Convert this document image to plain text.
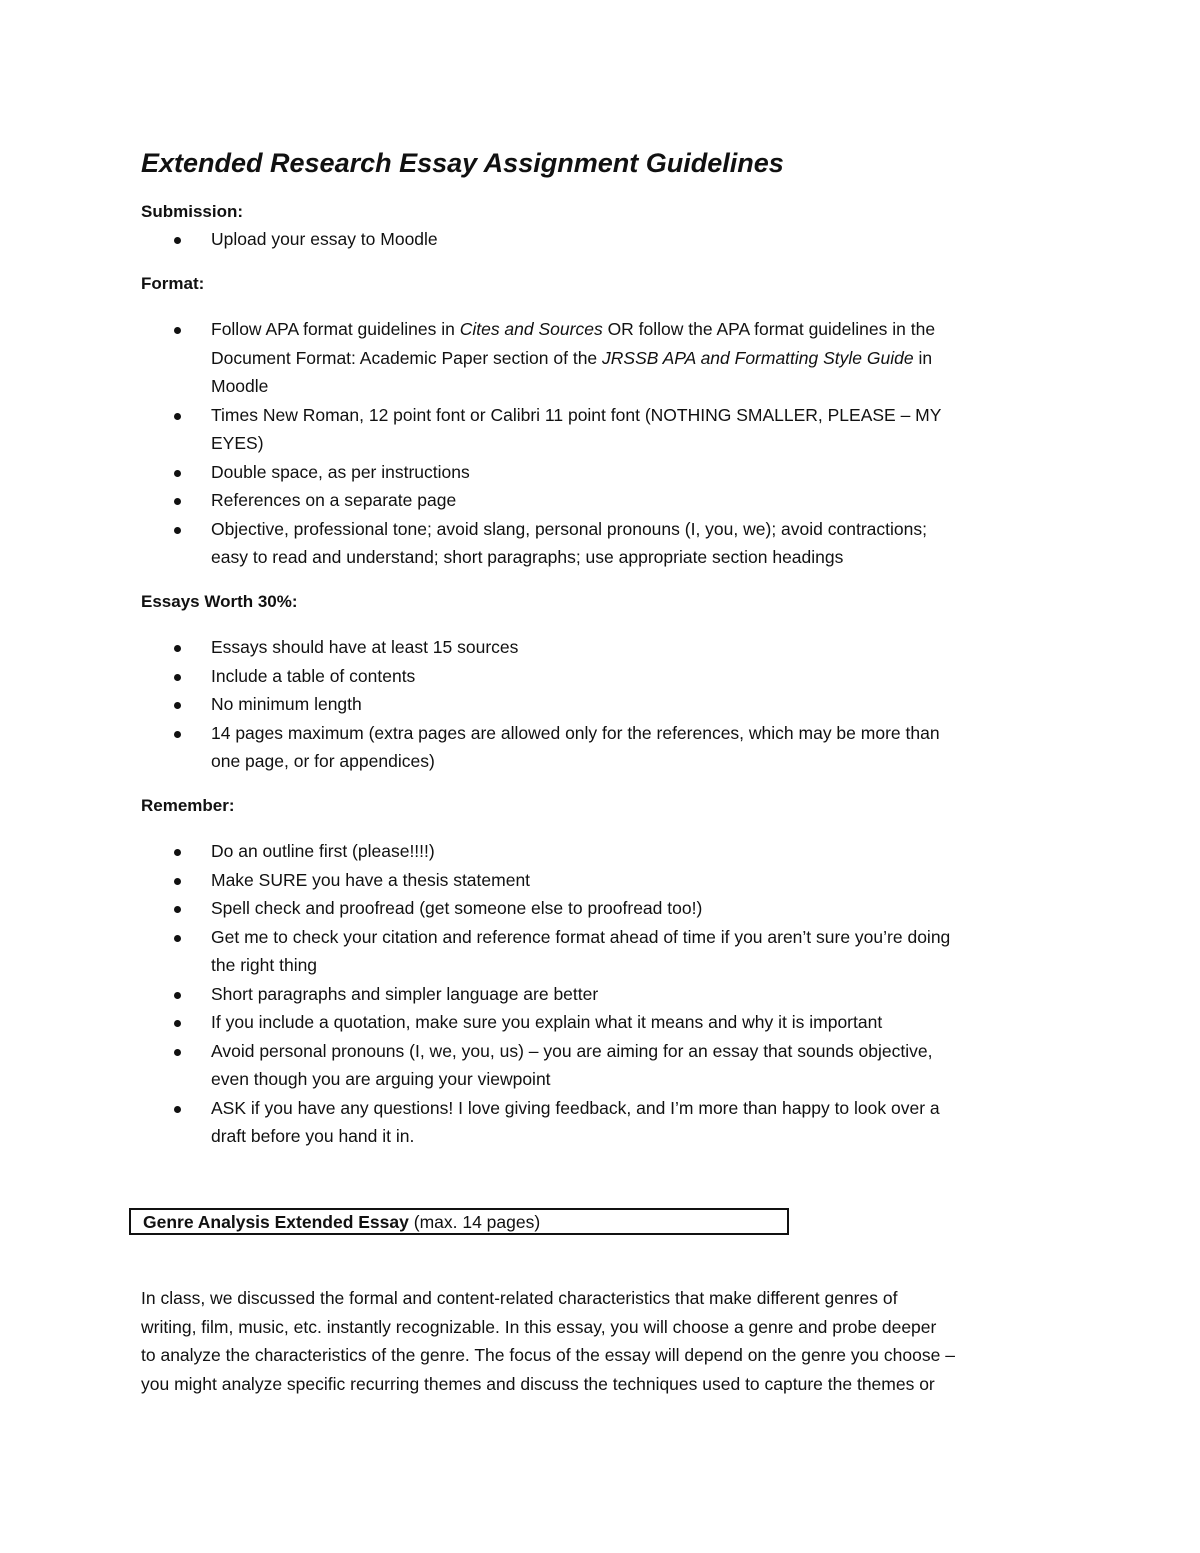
Extended Research Essay Assignment Guidelines

Submission:

Upload your essay to Moodle

Format:

Follow APA format guidelines in Cites and Sources OR follow the APA format guidelines in the
Document Format: Academic Paper section of the JRSSB APA and Formatting Style Guide in
Moodle
Times New Roman, 12 point font or Calibri 11 point font (NOTHING SMALLER, PLEASE – MY
EYES)
Double space, as per instructions
References on a separate page
Objective, professional tone; avoid slang, personal pronouns (I, you, we); avoid contractions;
easy to read and understand; short paragraphs; use appropriate section headings

Essays Worth 30%:

Essays should have at least 15 sources
Include a table of contents
No minimum length
14 pages maximum (extra pages are allowed only for the references, which may be more than
one page, or for appendices)

Remember:

Do an outline first (please!!!!)
Make SURE you have a thesis statement
Spell check and proofread (get someone else to proofread too!)
Get me to check your citation and reference format ahead of time if you aren’t sure you’re doing
the right thing
Short paragraphs and simpler language are better
If you include a quotation, make sure you explain what it means and why it is important
Avoid personal pronouns (I, we, you, us) – you are aiming for an essay that sounds objective,
even though you are arguing your viewpoint
ASK if you have any questions! I love giving feedback, and I’m more than happy to look over a
draft before you hand it in.
Genre Analysis Extended Essay (max. 14 pages)

In class, we discussed the formal and content-related characteristics that make different genres of
writing, film, music, etc. instantly recognizable. In this essay, you will choose a genre and probe deeper
to analyze the characteristics of the genre. The focus of the essay will depend on the genre you choose –
you might analyze specific recurring themes and discuss the techniques used to capture the themes or
